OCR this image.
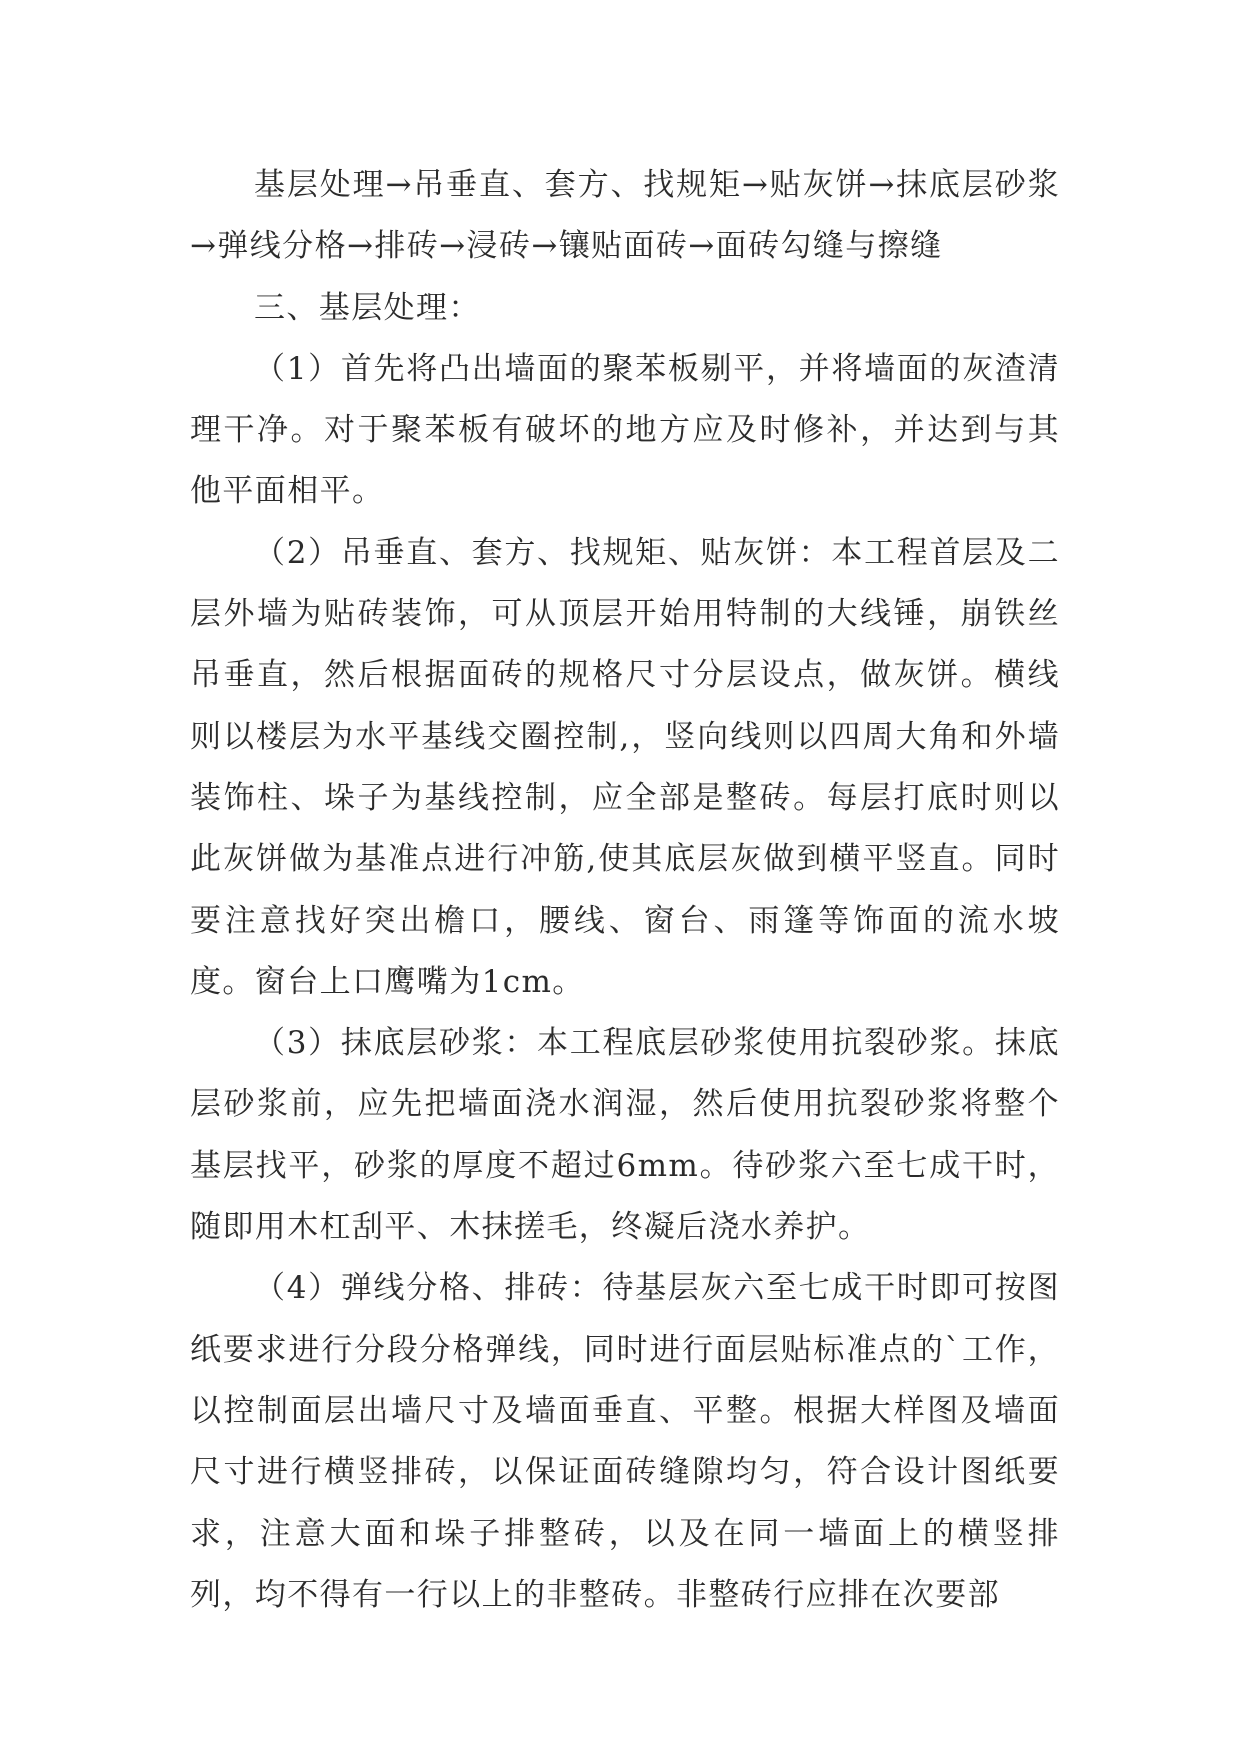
基层处理→吊垂直、套方、找规矩→贴灰饼→抹底层砂浆→弹线分格→排砖→浸砖→镶贴面砖→面砖勾缝与擦缝

三、基层处理：

（1）首先将凸出墙面的聚苯板剔平，并将墙面的灰渣清理干净。对于聚苯板有破坏的地方应及时修补，并达到与其他平面相平。

（2）吊垂直、套方、找规矩、贴灰饼：本工程首层及二层外墙为贴砖装饰，可从顶层开始用特制的大线锤，崩铁丝吊垂直，然后根据面砖的规格尺寸分层设点，做灰饼。横线则以楼层为水平基线交圈控制,，竖向线则以四周大角和外墙装饰柱、垛子为基线控制，应全部是整砖。每层打底时则以此灰饼做为基准点进行冲筋,使其底层灰做到横平竖直。同时要注意找好突出檐口，腰线、窗台、雨篷等饰面的流水坡度。窗台上口鹰嘴为1cm。

（3）抹底层砂浆：本工程底层砂浆使用抗裂砂浆。抹底层砂浆前，应先把墙面浇水润湿，然后使用抗裂砂浆将整个基层找平，砂浆的厚度不超过6mm。待砂浆六至七成干时，随即用木杠刮平、木抹搓毛，终凝后浇水养护。

（4）弹线分格、排砖：待基层灰六至七成干时即可按图纸要求进行分段分格弹线，同时进行面层贴标准点的`工作，以控制面层出墙尺寸及墙面垂直、平整。根据大样图及墙面尺寸进行横竖排砖，以保证面砖缝隙均匀，符合设计图纸要求，注意大面和垛子排整砖，以及在同一墙面上的横竖排列，均不得有一行以上的非整砖。非整砖行应排在次要部
